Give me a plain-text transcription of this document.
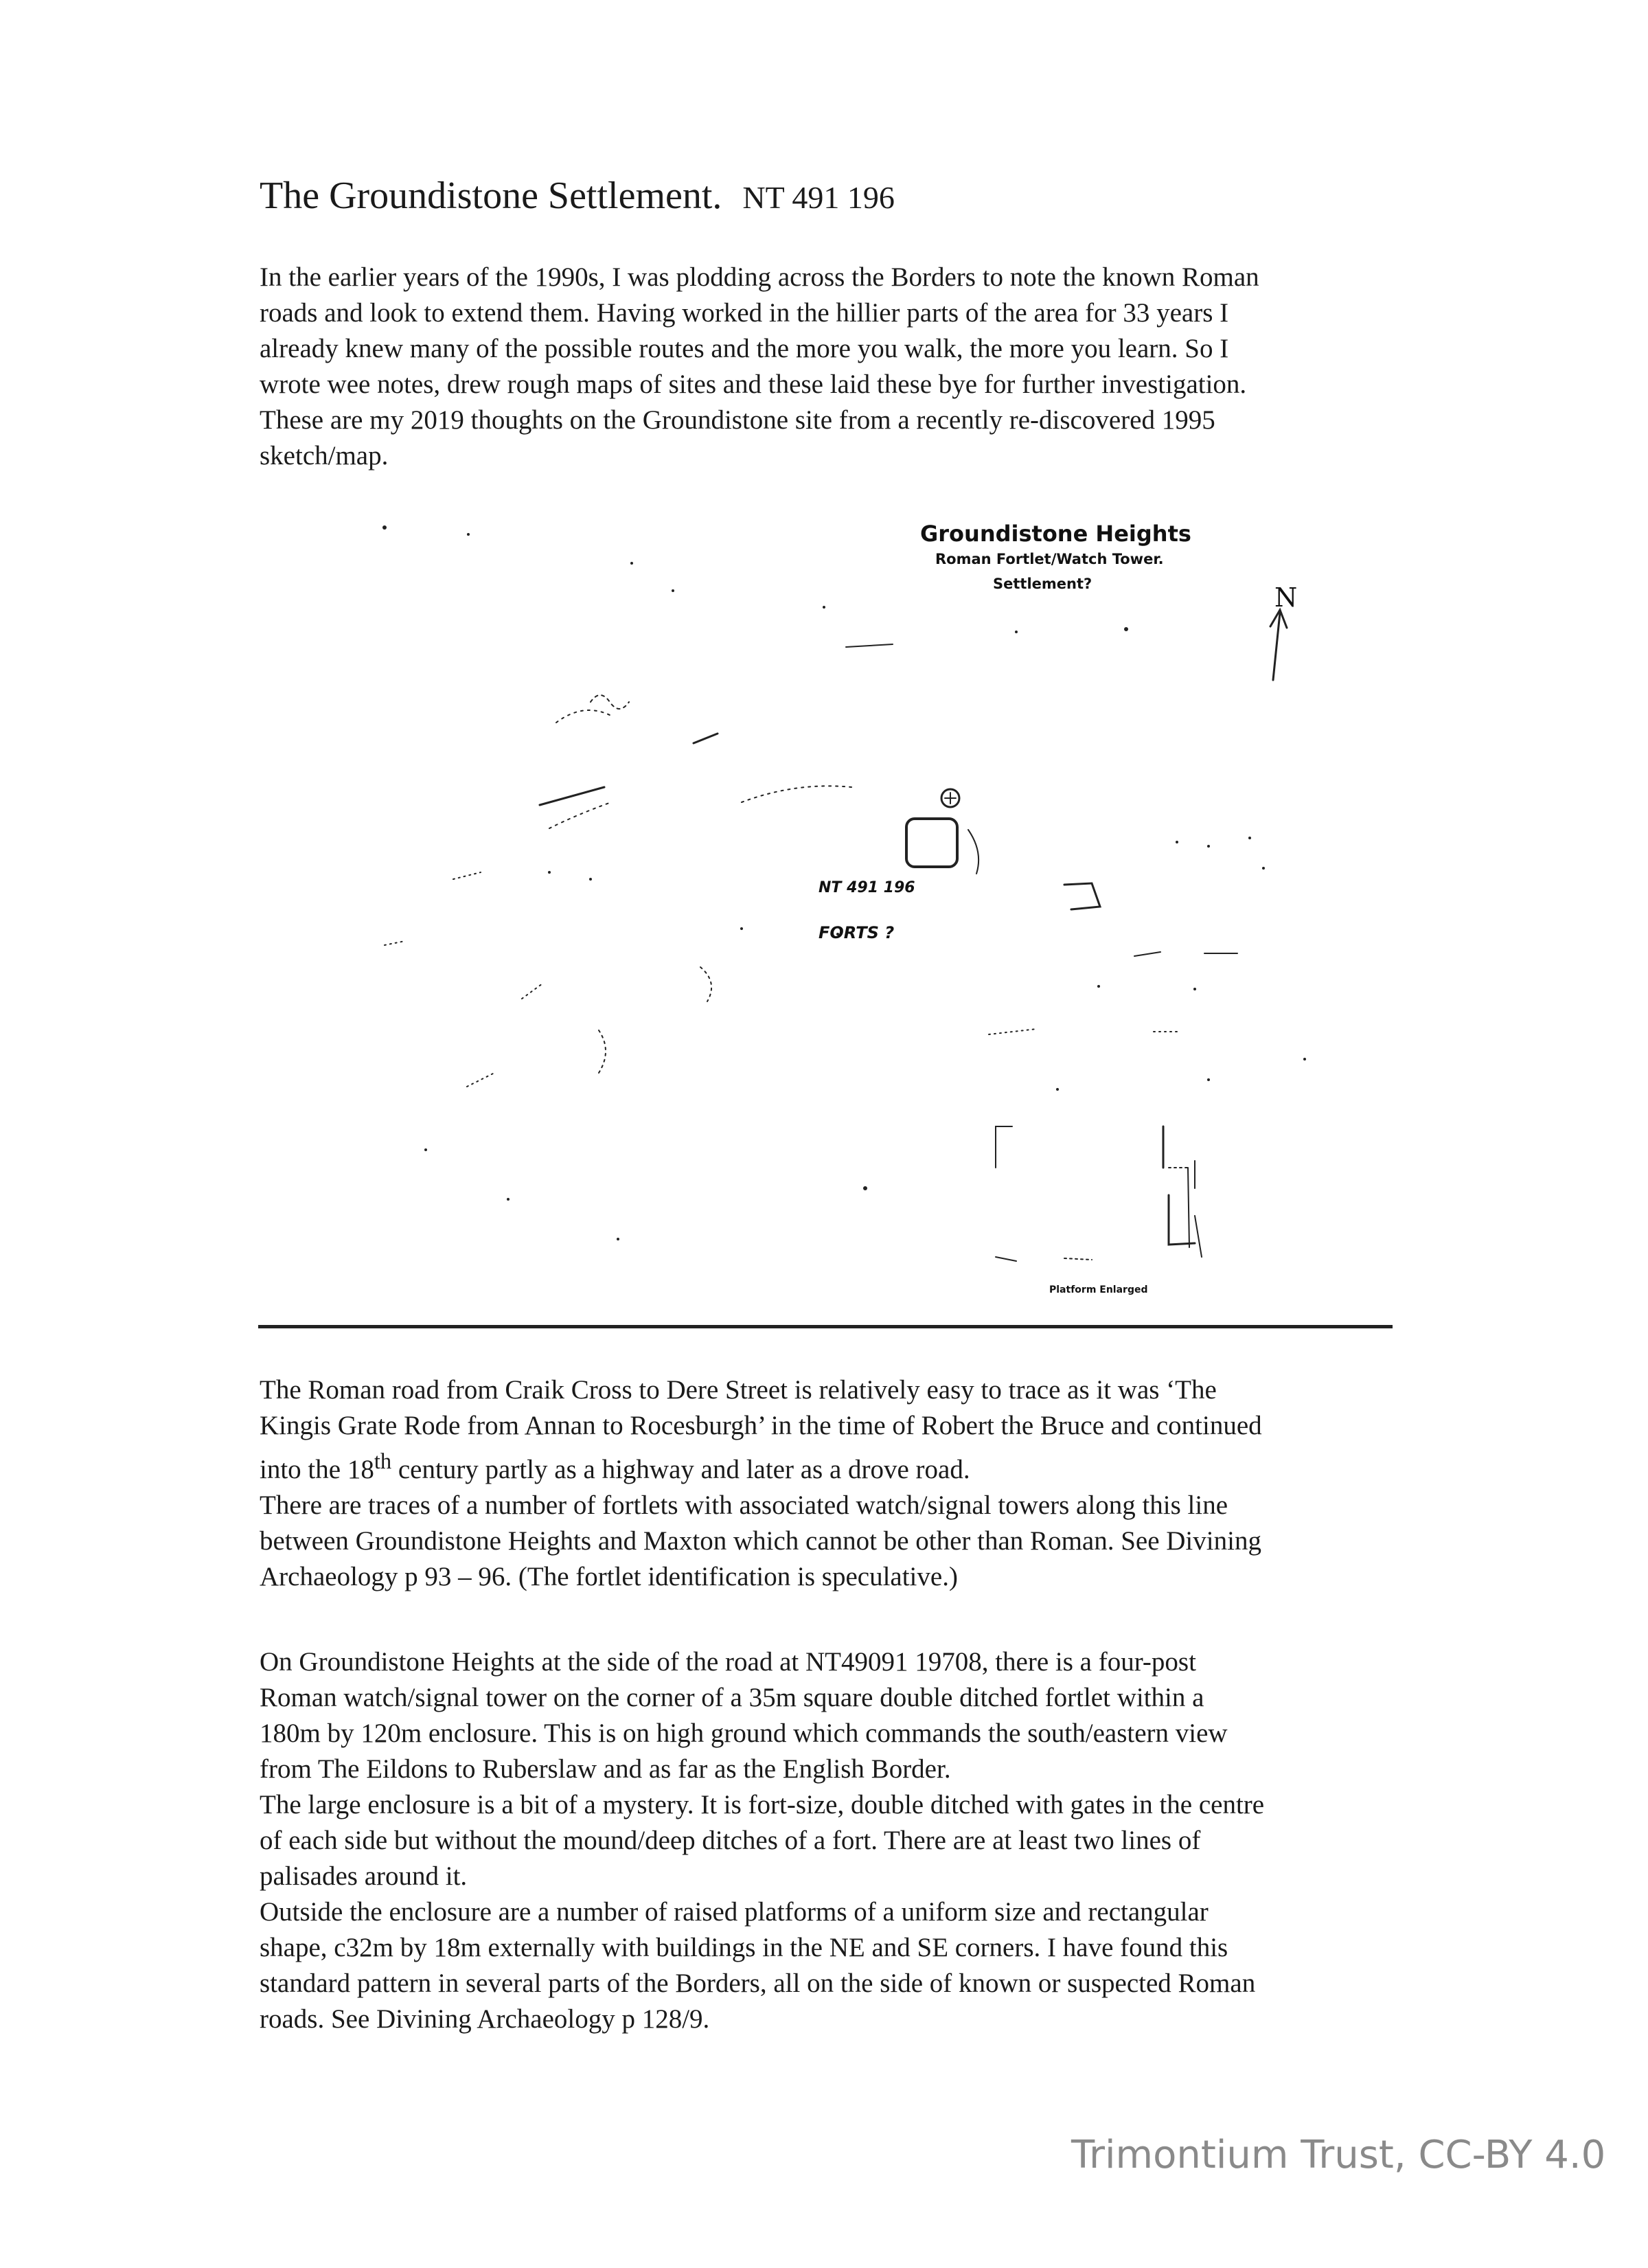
The Groundistone Settlement. NT 491 196

In the earlier years of the 1990s, I was plodding across the Borders to note the known Roman

roads and look to extend them. Having worked in the hillier parts of the area for 33 years I

already knew many of the possible routes and the more you walk, the more you learn. So I

wrote wee notes, drew rough maps of sites and these laid these bye for further investigation.

These are my 2019 thoughts on the Groundistone site from a recently re-discovered 1995

sketch/map.

Groundistone Heights
Roman Fortlet/Watch Tower.
Settlement?	N
NT 491 196
FORTS ?
Platform Enlarged

The Roman road from Craik Cross to Dere Street is relatively easy to trace as it was ‘The

Kingis Grate Rode from Annan to Rocesburgh’ in the time of Robert the Bruce and continued

into the 18th century partly as a highway and later as a drove road.

There are traces of a number of fortlets with associated watch/signal towers along this line

between Groundistone Heights and Maxton which cannot be other than Roman. See Divining

Archaeology p 93 – 96. (The fortlet identification is speculative.)

On Groundistone Heights at the side of the road at NT49091 19708, there is a four-post

Roman watch/signal tower on the corner of a 35m square double ditched fortlet within a

180m by 120m enclosure. This is on high ground which commands the south/eastern view

from The Eildons to Ruberslaw and as far as the English Border.

The large enclosure is a bit of a mystery. It is fort-size, double ditched with gates in the centre

of each side but without the mound/deep ditches of a fort. There are at least two lines of

palisades around it.

Outside the enclosure are a number of raised platforms of a uniform size and rectangular

shape, c32m by 18m externally with buildings in the NE and SE corners. I have found this

standard pattern in several parts of the Borders, all on the side of known or suspected Roman

roads. See Divining Archaeology p 128/9.

Trimontium Trust, CC-BY 4.0
